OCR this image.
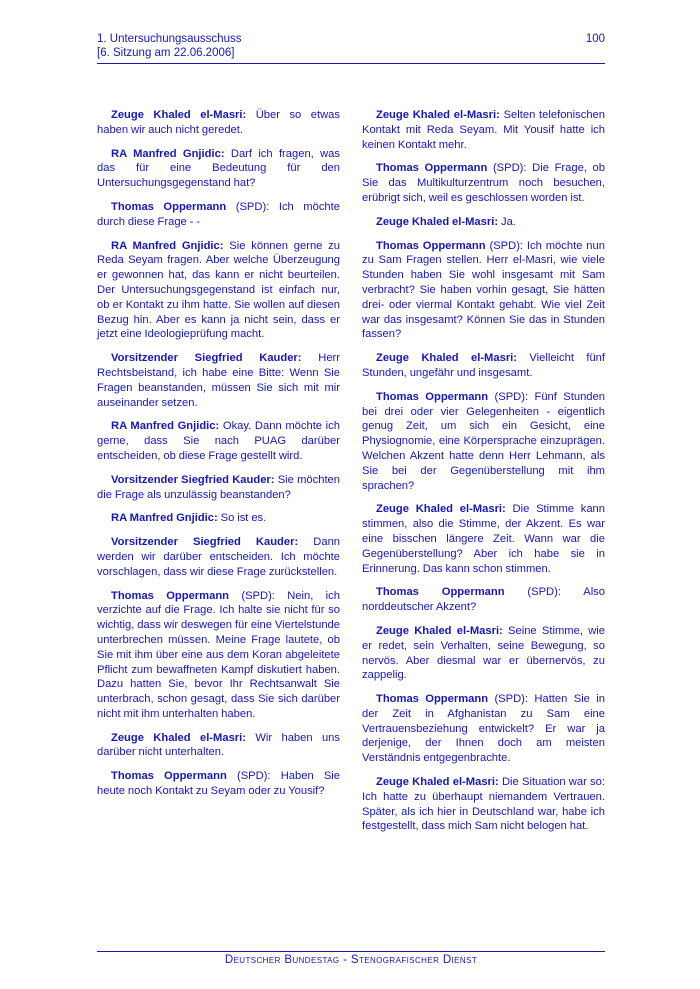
1. Untersuchungsausschuss
[6. Sitzung am 22.06.2006]
100

Zeuge Khaled el-Masri: Über so etwas haben wir auch nicht geredet.

RA Manfred Gnjidic: Darf ich fragen, was das für eine Bedeutung für den Untersuchungsgegenstand hat?

Thomas Oppermann (SPD): Ich möchte durch diese Frage - -

RA Manfred Gnjidic: Sie können gerne zu Reda Seyam fragen. Aber welche Überzeugung er gewonnen hat, das kann er nicht beurteilen. Der Untersuchungsgegenstand ist einfach nur, ob er Kontakt zu ihm hatte. Sie wollen auf diesen Bezug hin. Aber es kann ja nicht sein, dass er jetzt eine Ideologieprüfung macht.

Vorsitzender Siegfried Kauder: Herr Rechtsbeistand, ich habe eine Bitte: Wenn Sie Fragen beanstanden, müssen Sie sich mit mir auseinander setzen.

RA Manfred Gnjidic: Okay. Dann möchte ich gerne, dass Sie nach PUAG darüber entscheiden, ob diese Frage gestellt wird.

Vorsitzender Siegfried Kauder: Sie möchten die Frage als unzulässig beanstanden?

RA Manfred Gnjidic: So ist es.

Vorsitzender Siegfried Kauder: Dann werden wir darüber entscheiden. Ich möchte vorschlagen, dass wir diese Frage zurückstellen.

Thomas Oppermann (SPD): Nein, ich verzichte auf die Frage. Ich halte sie nicht für so wichtig, dass wir deswegen für eine Viertelstunde unterbrechen müssen. Meine Frage lautete, ob Sie mit ihm über eine aus dem Koran abgeleitete Pflicht zum bewaffneten Kampf diskutiert haben. Dazu hatten Sie, bevor Ihr Rechtsanwalt Sie unterbrach, schon gesagt, dass Sie sich darüber nicht mit ihm unterhalten haben.

Zeuge Khaled el-Masri: Wir haben uns darüber nicht unterhalten.

Thomas Oppermann (SPD): Haben Sie heute noch Kontakt zu Seyam oder zu Yousif?

Zeuge Khaled el-Masri: Selten telefonischen Kontakt mit Reda Seyam. Mit Yousif hatte ich keinen Kontakt mehr.

Thomas Oppermann (SPD): Die Frage, ob Sie das Multikulturzentrum noch besuchen, erübrigt sich, weil es geschlossen worden ist.

Zeuge Khaled el-Masri: Ja.

Thomas Oppermann (SPD): Ich möchte nun zu Sam Fragen stellen. Herr el-Masri, wie viele Stunden haben Sie wohl insgesamt mit Sam verbracht? Sie haben vorhin gesagt, Sie hätten drei- oder viermal Kontakt gehabt. Wie viel Zeit war das insgesamt? Können Sie das in Stunden fassen?

Zeuge Khaled el-Masri: Vielleicht fünf Stunden, ungefähr und insgesamt.

Thomas Oppermann (SPD): Fünf Stunden bei drei oder vier Gelegenheiten - eigentlich genug Zeit, um sich ein Gesicht, eine Physiognomie, eine Körpersprache einzuprägen. Welchen Akzent hatte denn Herr Lehmann, als Sie bei der Gegenüberstellung mit ihm sprachen?

Zeuge Khaled el-Masri: Die Stimme kann stimmen, also die Stimme, der Akzent. Es war eine bisschen längere Zeit. Wann war die Gegenüberstellung? Aber ich habe sie in Erinnerung. Das kann schon stimmen.

Thomas Oppermann (SPD): Also norddeutscher Akzent?

Zeuge Khaled el-Masri: Seine Stimme, wie er redet, sein Verhalten, seine Bewegung, so nervös. Aber diesmal war er übernervös, zu zappelig.

Thomas Oppermann (SPD): Hatten Sie in der Zeit in Afghanistan zu Sam eine Vertrauensbeziehung entwickelt? Er war ja derjenige, der Ihnen doch am meisten Verständnis entgegenbrachte.

Zeuge Khaled el-Masri: Die Situation war so: Ich hatte zu überhaupt niemandem Vertrauen. Später, als ich hier in Deutschland war, habe ich festgestellt, dass mich Sam nicht belogen hat.

Deutscher Bundestag - Stenografischer Dienst
